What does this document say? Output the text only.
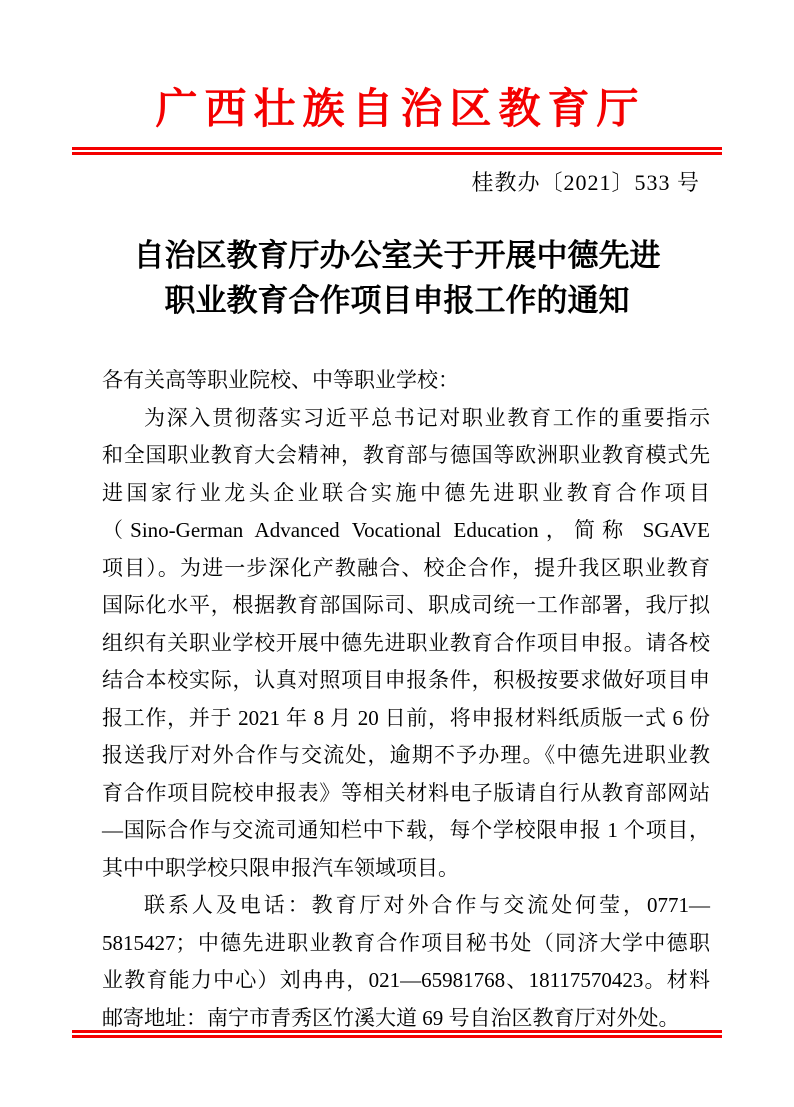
广西壮族自治区教育厅
桂教办〔2021〕533 号
自治区教育厅办公室关于开展中德先进
职业教育合作项目申报工作的通知
各有关高等职业院校、中等职业学校：
为深入贯彻落实习近平总书记对职业教育工作的重要指示
和全国职业教育大会精神，教育部与德国等欧洲职业教育模式先
进国家行业龙头企业联合实施中德先进职业教育合作项目
（Sino-German Advanced Vocational Education，简称 SGAVE
项目）。为进一步深化产教融合、校企合作，提升我区职业教育
国际化水平，根据教育部国际司、职成司统一工作部署，我厅拟
组织有关职业学校开展中德先进职业教育合作项目申报。请各校
结合本校实际，认真对照项目申报条件，积极按要求做好项目申
报工作，并于 2021 年 8 月 20 日前，将申报材料纸质版一式 6 份
报送我厅对外合作与交流处，逾期不予办理。《中德先进职业教
育合作项目院校申报表》等相关材料电子版请自行从教育部网站
—国际合作与交流司通知栏中下载，每个学校限申报 1 个项目，
其中中职学校只限申报汽车领域项目。
联系人及电话：教育厅对外合作与交流处何莹，0771—
5815427；中德先进职业教育合作项目秘书处（同济大学中德职
业教育能力中心）刘冉冉，021—65981768、18117570423。材料
邮寄地址：南宁市青秀区竹溪大道 69 号自治区教育厅对外处。
